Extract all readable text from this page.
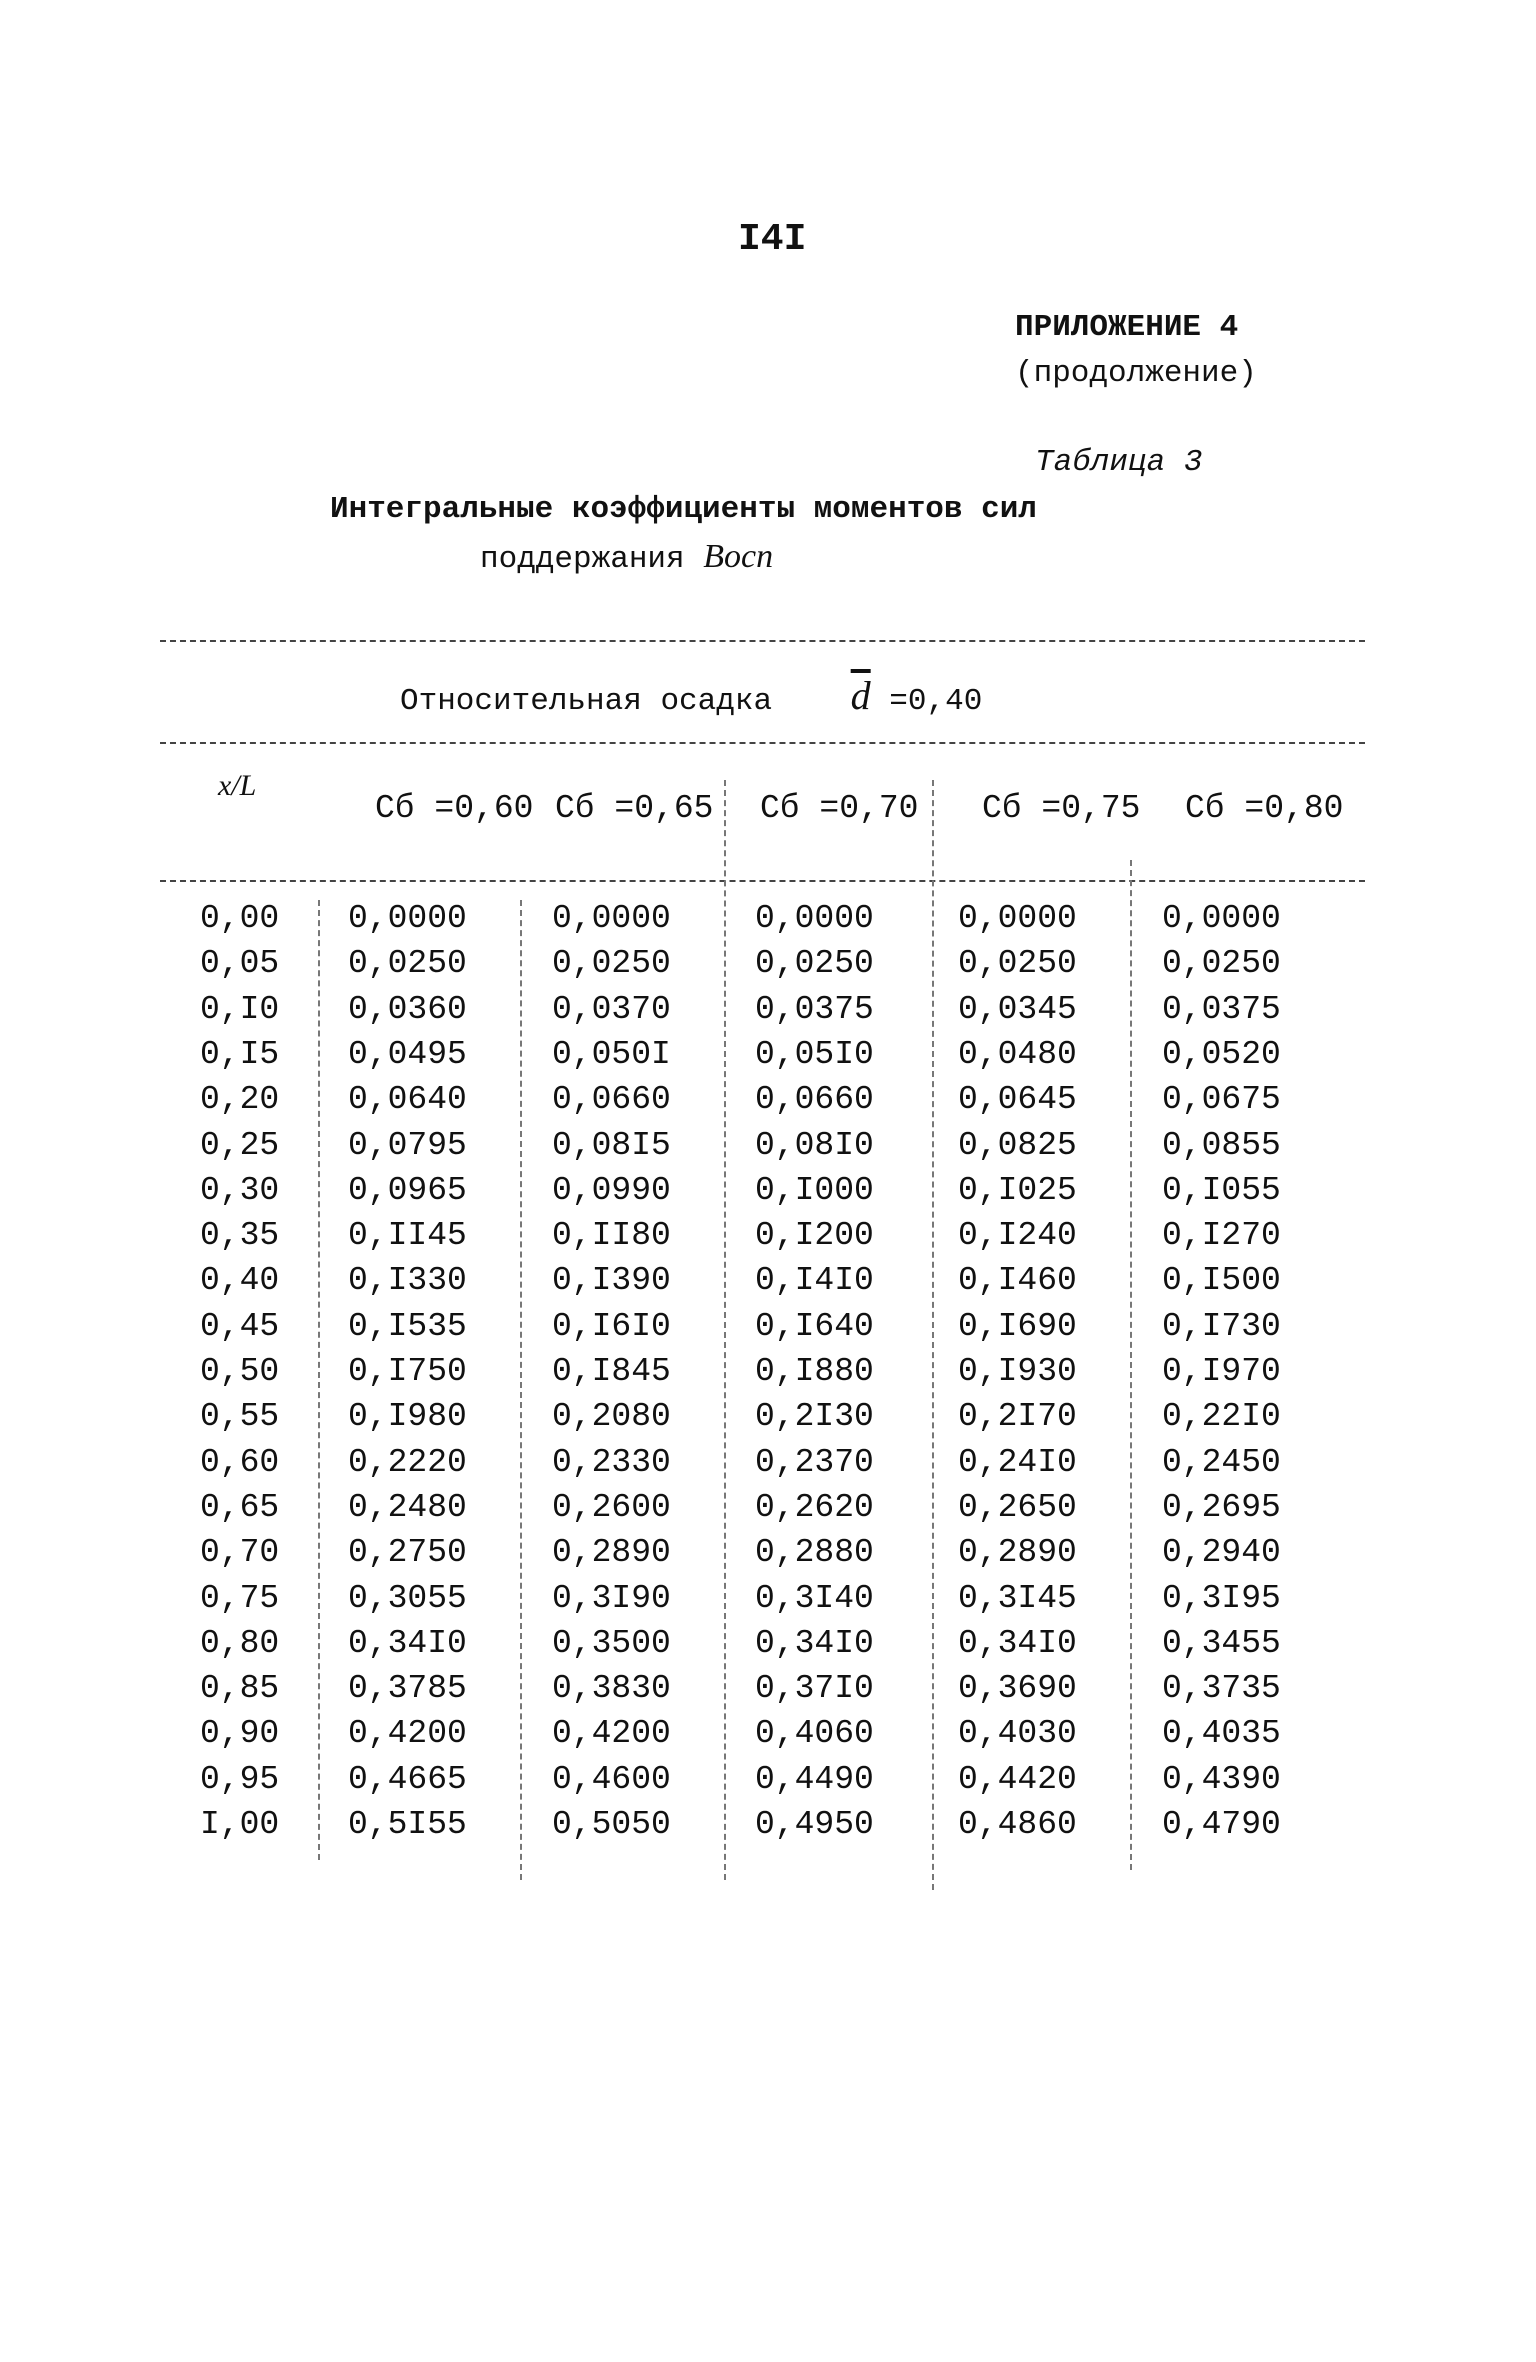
I4I
ПРИЛОЖЕНИЕ 4
(продолжение)
Таблица 3
Интегральные коэффициенты моментов сил
поддержания Bосп
Относительная осадка $\overline{d} =0,40$
x/L
Cб =0,60 Cб =0,65 Cб =0,70 Cб =0,75 Cб =0,80
0,00 0,0000	0,0000	0,0000	0,0000	0,0000
0,05 0,0250	0,0250	0,0250	0,0250	0,0250
0,I0 0,0360	0,0370	0,0375	0,0345	0,0375
0,I5 0,0495	0,050I	0,05I0	0,0480	0,0520
0,20 0,0640	0,0660	0,0660	0,0645	0,0675
0,25 0,0795	0,08I5	0,08I0	0,0825	0,0855
0,30 0,0965	0,0990	0,I000	0,I025	0,I055
0,35 0,II45	0,II80	0,I200	0,I240	0,I270
0,40 0,I330	0,I390	0,I4I0	0,I460	0,I500
0,45 0,I535	0,I6I0	0,I640	0,I690	0,I730
0,50 0,I750	0,I845	0,I880	0,I930	0,I970
0,55 0,I980	0,2080	0,2I30	0,2I70	0,22I0
0,60 0,2220	0,2330	0,2370	0,24I0	0,2450
0,65 0,2480	0,2600	0,2620	0,2650	0,2695
0,70 0,2750	0,2890	0,2880	0,2890	0,2940
0,75 0,3055	0,3I90	0,3I40	0,3I45	0,3I95
0,80 0,34I0	0,3500	0,34I0	0,34I0	0,3455
0,85 0,3785	0,3830	0,37I0	0,3690	0,3735
0,90 0,4200	0,4200	0,4060	0,4030	0,4035
0,95 0,4665	0,4600	0,4490	0,4420	0,4390
I,00 0,5I55	0,5050	0,4950	0,4860	0,4790
